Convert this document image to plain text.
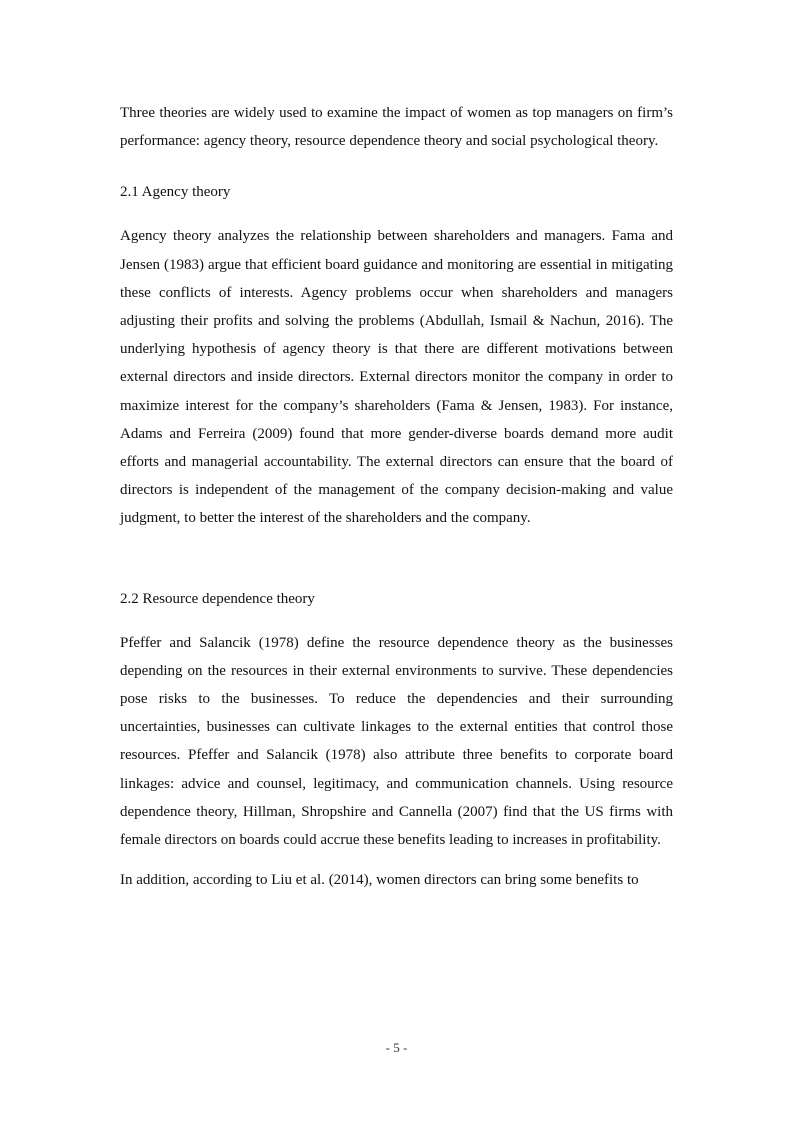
Three theories are widely used to examine the impact of women as top managers on firm’s performance: agency theory, resource dependence theory and social psychological theory.

2.1 Agency theory

Agency theory analyzes the relationship between shareholders and managers. Fama and Jensen (1983) argue that efficient board guidance and monitoring are essential in mitigating these conflicts of interests. Agency problems occur when shareholders and managers adjusting their profits and solving the problems (Abdullah, Ismail & Nachun, 2016). The underlying hypothesis of agency theory is that there are different motivations between external directors and inside directors. External directors monitor the company in order to maximize interest for the company’s shareholders (Fama & Jensen, 1983). For instance, Adams and Ferreira (2009) found that more gender-diverse boards demand more audit efforts and managerial accountability. The external directors can ensure that the board of directors is independent of the management of the company decision-making and value judgment, to better the interest of the shareholders and the company.

2.2 Resource dependence theory

Pfeffer and Salancik (1978) define the resource dependence theory as the businesses depending on the resources in their external environments to survive. These dependencies pose risks to the businesses. To reduce the dependencies and their surrounding uncertainties, businesses can cultivate linkages to the external entities that control those resources. Pfeffer and Salancik (1978) also attribute three benefits to corporate board linkages: advice and counsel, legitimacy, and communication channels. Using resource dependence theory, Hillman, Shropshire and Cannella (2007) find that the US firms with female directors on boards could accrue these benefits leading to increases in profitability.

In addition, according to Liu et al. (2014), women directors can bring some benefits to

- 5 -
